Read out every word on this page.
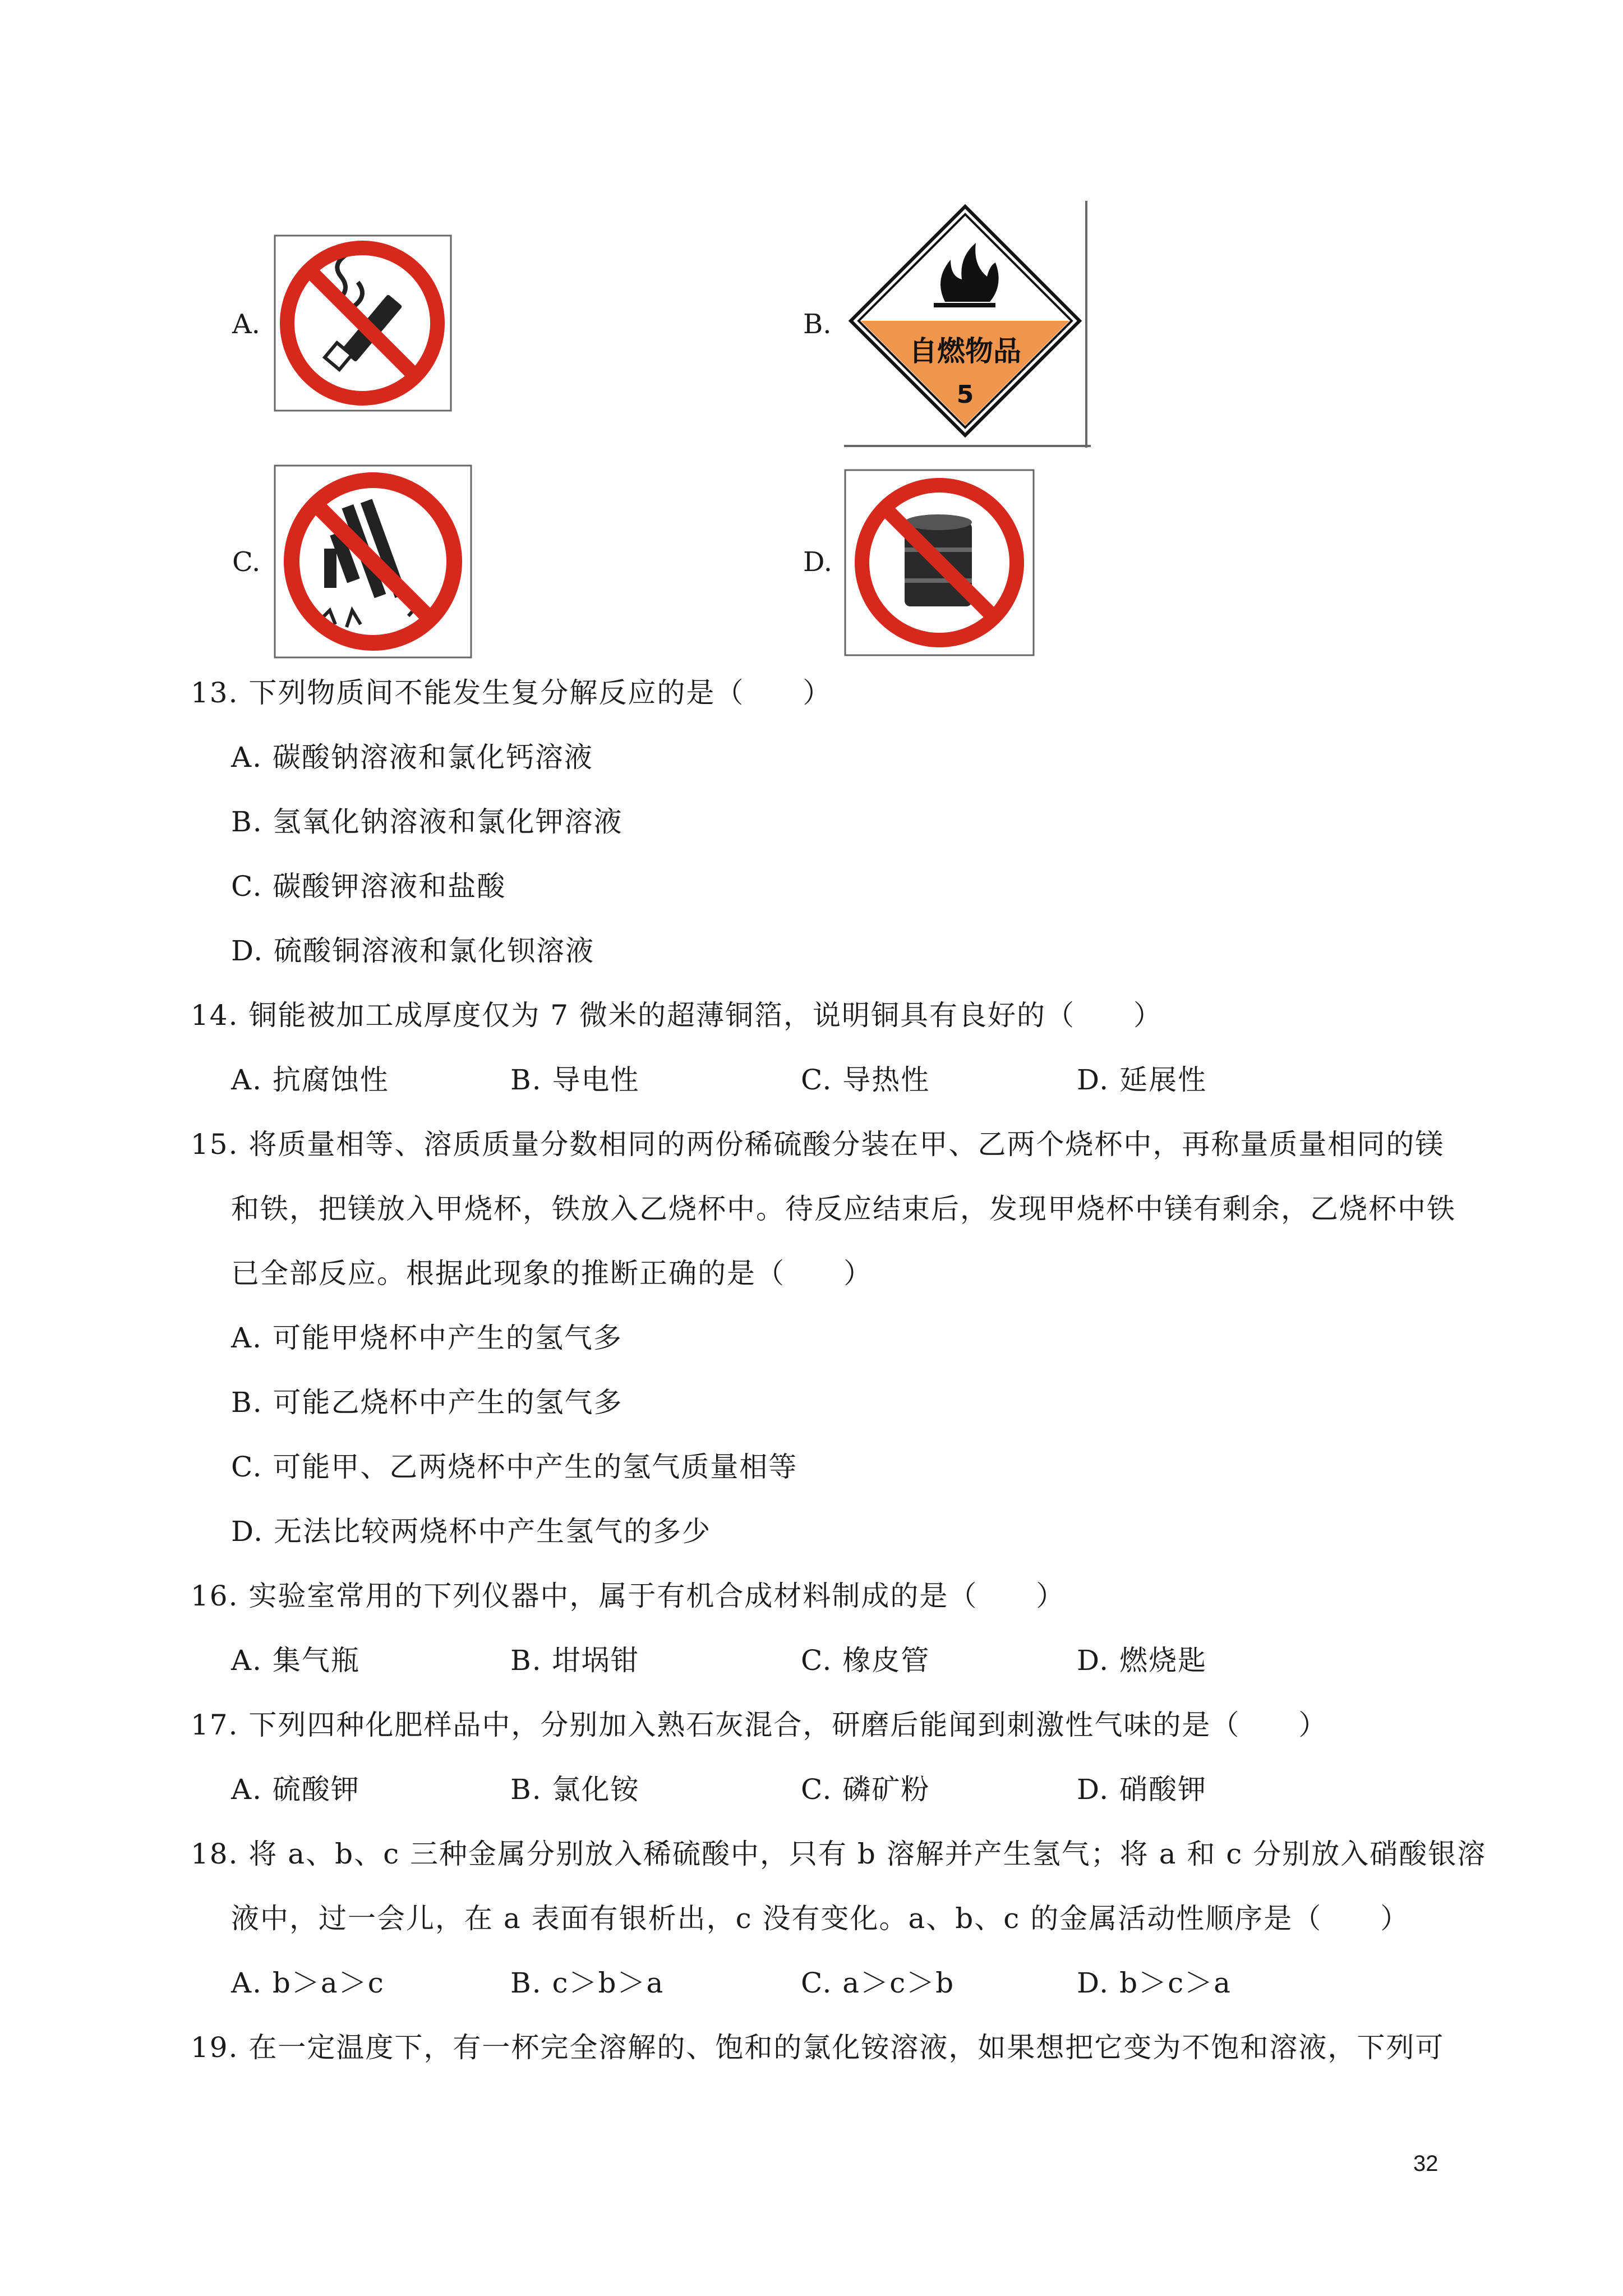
A.	B.
自燃物品
5
C.	D.
13. 下列物质间不能发生复分解反应的是（　　）
A. 碳酸钠溶液和氯化钙溶液
B. 氢氧化钠溶液和氯化钾溶液
C. 碳酸钾溶液和盐酸
D. 硫酸铜溶液和氯化钡溶液
14. 铜能被加工成厚度仅为 7 微米的超薄铜箔，说明铜具有良好的（　　）
A. 抗腐蚀性	B. 导电性	C. 导热性	D. 延展性
15. 将质量相等、溶质质量分数相同的两份稀硫酸分装在甲、乙两个烧杯中，再称量质量相同的镁
和铁，把镁放入甲烧杯，铁放入乙烧杯中。待反应结束后，发现甲烧杯中镁有剩余，乙烧杯中铁
已全部反应。根据此现象的推断正确的是（　　）
A. 可能甲烧杯中产生的氢气多
B. 可能乙烧杯中产生的氢气多
C. 可能甲、乙两烧杯中产生的氢气质量相等
D. 无法比较两烧杯中产生氢气的多少
16. 实验室常用的下列仪器中，属于有机合成材料制成的是（　　）
A. 集气瓶	B. 坩埚钳	C. 橡皮管	D. 燃烧匙
17. 下列四种化肥样品中，分别加入熟石灰混合，研磨后能闻到刺激性气味的是（　　）
A. 硫酸钾	B. 氯化铵	C. 磷矿粉	D. 硝酸钾
18. 将 a、b、c 三种金属分别放入稀硫酸中，只有 b 溶解并产生氢气；将 a 和 c 分别放入硝酸银溶
液中，过一会儿，在 a 表面有银析出，c 没有变化。a、b、c 的金属活动性顺序是（　　）
A. b＞a＞c	B. c＞b＞a	C. a＞c＞b	D. b＞c＞a
19. 在一定温度下，有一杯完全溶解的、饱和的氯化铵溶液，如果想把它变为不饱和溶液，下列可
32
